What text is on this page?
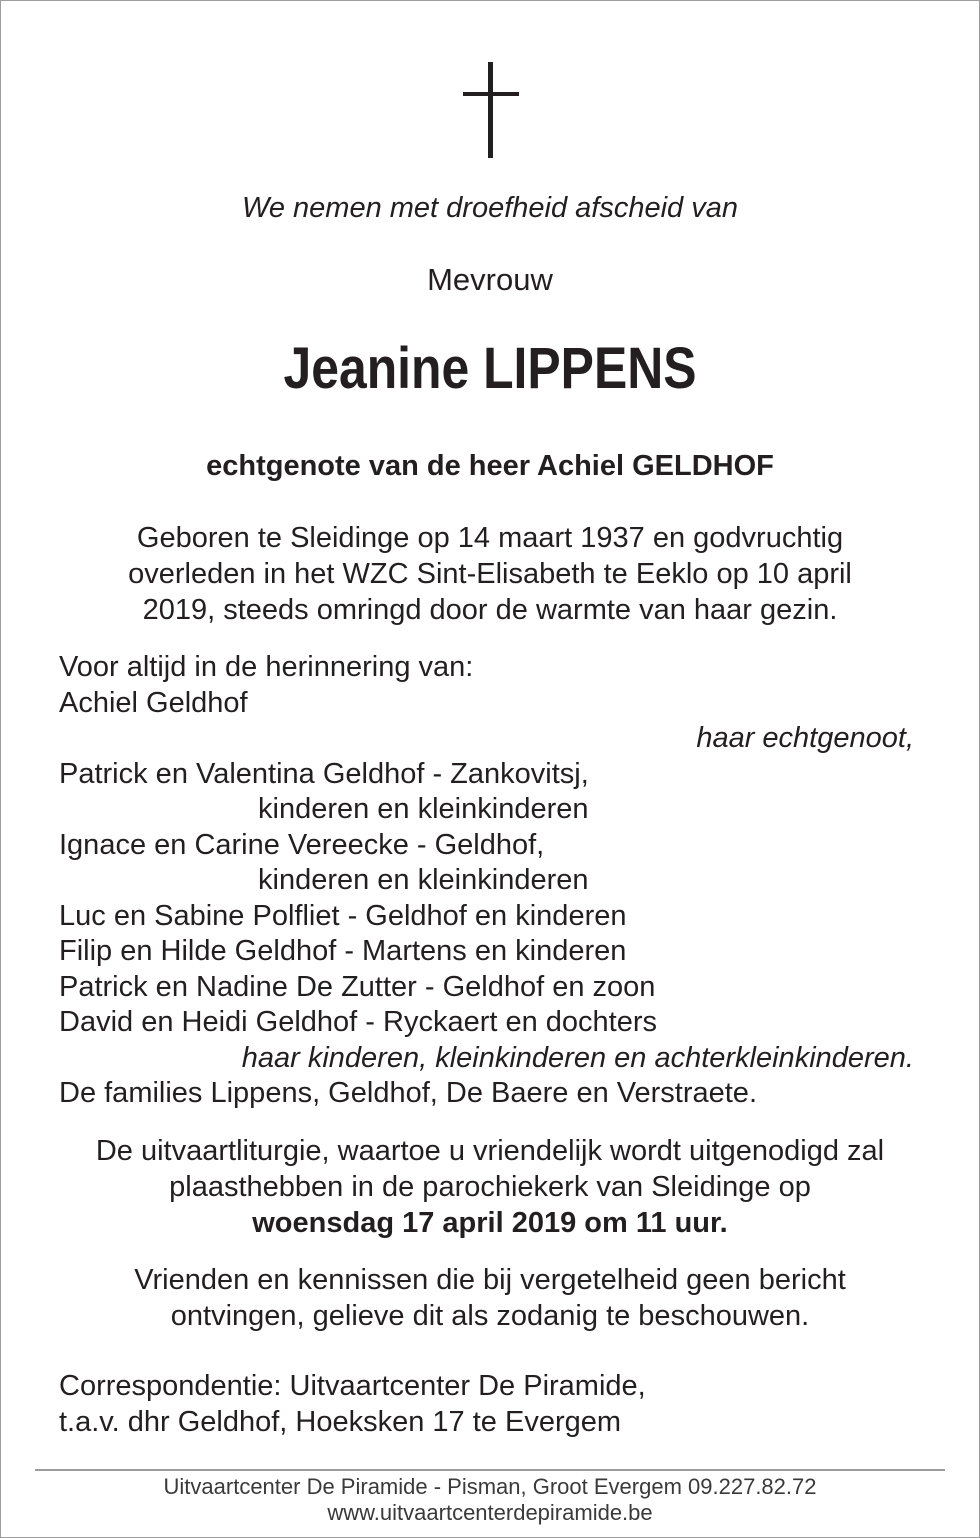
We nemen met droefheid afscheid van
Mevrouw
Jeanine LIPPENS
echtgenote van de heer Achiel GELDHOF
Geboren te Sleidinge op 14 maart 1937 en godvruchtig
overleden in het WZC Sint-Elisabeth te Eeklo op 10 april
2019, steeds omringd door de warmte van haar gezin.
Voor altijd in de herinnering van:
Achiel Geldhof
haar echtgenoot,
Patrick en Valentina Geldhof - Zankovitsj,
kinderen en kleinkinderen
Ignace en Carine Vereecke - Geldhof,
kinderen en kleinkinderen
Luc en Sabine Polfliet - Geldhof en kinderen
Filip en Hilde Geldhof - Martens en kinderen
Patrick en Nadine De Zutter - Geldhof en zoon
David en Heidi Geldhof - Ryckaert en dochters
haar kinderen, kleinkinderen en achterkleinkinderen.
De families Lippens, Geldhof, De Baere en Verstraete.
De uitvaartliturgie, waartoe u vriendelijk wordt uitgenodigd zal
plaasthebben in de parochiekerk van Sleidinge op
woensdag 17 april 2019 om 11 uur.
Vrienden en kennissen die bij vergetelheid geen bericht
ontvingen, gelieve dit als zodanig te beschouwen.
Correspondentie: Uitvaartcenter De Piramide,
t.a.v. dhr Geldhof, Hoeksken 17 te Evergem
Uitvaartcenter De Piramide - Pisman, Groot Evergem 09.227.82.72
www.uitvaartcenterdepiramide.be
